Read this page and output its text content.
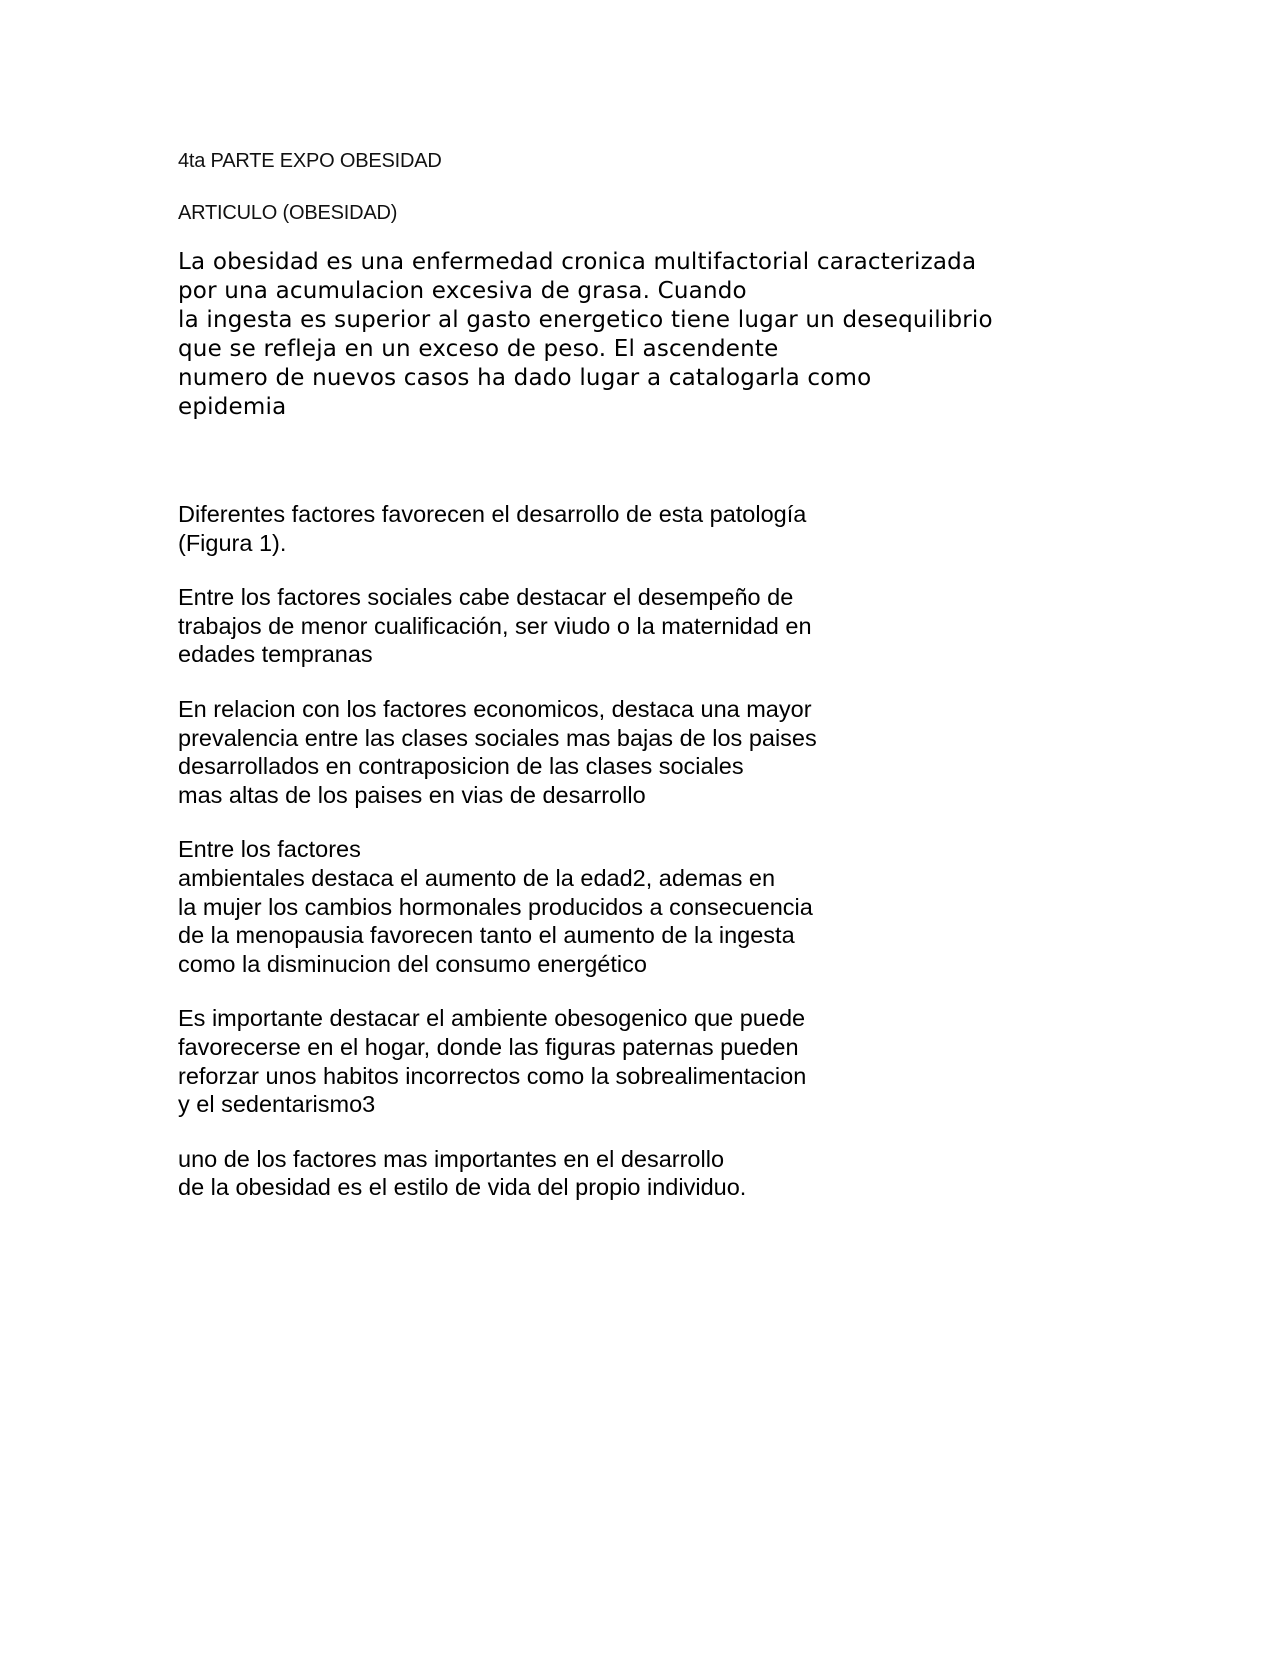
4ta PARTE EXPO OBESIDAD

ARTICULO (OBESIDAD)

La obesidad es una enfermedad cronica multifactorial caracterizada
por una acumulacion excesiva de grasa. Cuando
la ingesta es superior al gasto energetico tiene lugar un desequilibrio
que se refleja en un exceso de peso. El ascendente
numero de nuevos casos ha dado lugar a catalogarla como
epidemia

Diferentes factores favorecen el desarrollo de esta patología
(Figura 1).

Entre los factores sociales cabe destacar el desempeño de
trabajos de menor cualificación, ser viudo o la maternidad en
edades tempranas

En relacion con los factores economicos, destaca una mayor
prevalencia entre las clases sociales mas bajas de los paises
desarrollados en contraposicion de las clases sociales
mas altas de los paises en vias de desarrollo

Entre los factores
ambientales destaca el aumento de la edad2, ademas en
la mujer los cambios hormonales producidos a consecuencia
de la menopausia favorecen tanto el aumento de la ingesta
como la disminucion del consumo energético

Es importante destacar el ambiente obesogenico que puede
favorecerse en el hogar, donde las figuras paternas pueden
reforzar unos habitos incorrectos como la sobrealimentacion
y el sedentarismo3

uno de los factores mas importantes en el desarrollo
de la obesidad es el estilo de vida del propio individuo.
